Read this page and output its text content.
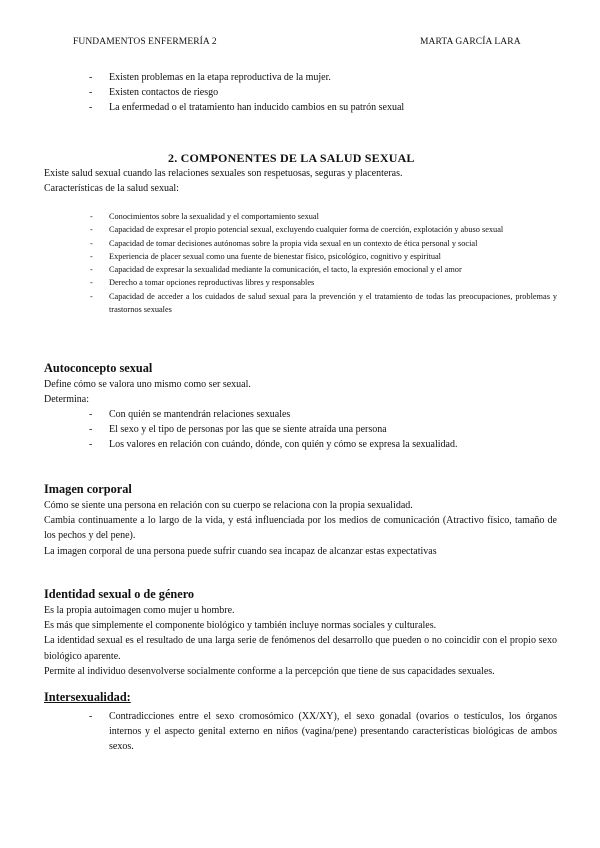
FUNDAMENTOS ENFERMERÍA 2	MARTA GARCÍA LARA
- Existen problemas en la etapa reproductiva de la mujer.
- Existen contactos de riesgo
- La enfermedad o el tratamiento han inducido cambios en su patrón sexual
2. COMPONENTES DE LA SALUD SEXUAL
Existe salud sexual cuando las relaciones sexuales son respetuosas, seguras y placenteras.
Características de la salud sexual:
- Conocimientos sobre la sexualidad y el comportamiento sexual
- Capacidad de expresar el propio potencial sexual, excluyendo cualquier forma de coerción, explotación y abuso sexual
- Capacidad de tomar decisiones autónomas sobre la propia vida sexual en un contexto de ética personal y social
- Experiencia de placer sexual como una fuente de bienestar físico, psicológico, cognitivo y espiritual
- Capacidad de expresar la sexualidad mediante la comunicación, el tacto, la expresión emocional y el amor
- Derecho a tomar opciones reproductivas libres y responsables
- Capacidad de acceder a los cuidados de salud sexual para la prevención y el tratamiento de todas las preocupaciones, problemas y trastornos sexuales
Autoconcepto sexual
Define cómo se valora uno mismo como ser sexual.
Determina:
- Con quién se mantendrán relaciones sexuales
- El sexo y el tipo de personas por las que se siente atraída una persona
- Los valores en relación con cuándo, dónde, con quién y cómo se expresa la sexualidad.
Imagen corporal
Cómo se siente una persona en relación con su cuerpo se relaciona con la propia sexualidad.
Cambia continuamente a lo largo de la vida, y está influenciada por los medios de comunicación (Atractivo físico, tamaño de los pechos y del pene).
La imagen corporal de una persona puede sufrir cuando sea incapaz de alcanzar estas expectativas
Identidad sexual o de género
Es la propia autoimagen como mujer u hombre.
Es más que simplemente el componente biológico y también incluye normas sociales y culturales.
La identidad sexual es el resultado de una larga serie de fenómenos del desarrollo que pueden o no coincidir con el propio sexo biológico aparente.
Permite al individuo desenvolverse socialmente conforme a la percepción que tiene de sus capacidades sexuales.
Intersexualidad:
- Contradicciones entre el sexo cromosómico (XX/XY), el sexo gonadal (ovarios o testículos, los órganos internos y el aspecto genital externo en niños (vagina/pene) presentando características biológicas de ambos sexos.
